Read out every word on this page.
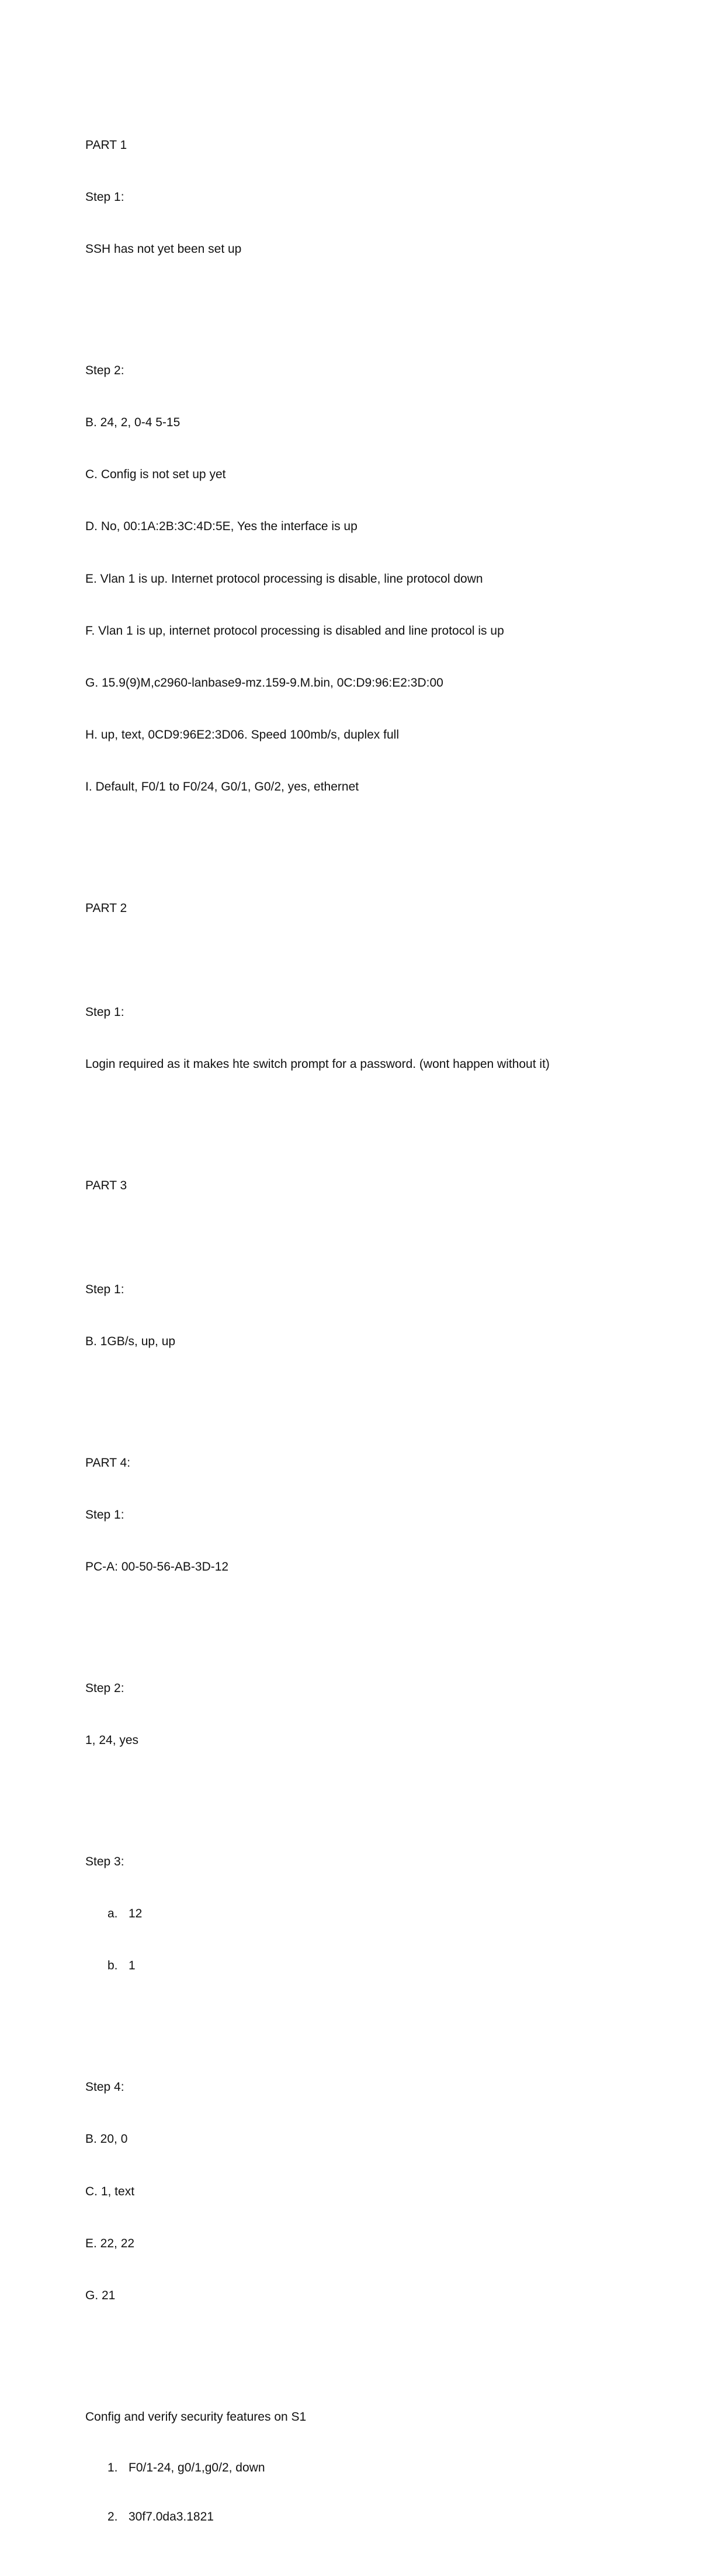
PART 1

Step 1:

SSH has not yet been set up

Step 2:

B. 24, 2, 0-4 5-15

C. Config is not set up yet

D. No, 00:1A:2B:3C:4D:5E, Yes the interface is up

E. Vlan 1 is up. Internet protocol processing is disable, line protocol down

F. Vlan 1 is up, internet protocol processing is disabled and line protocol is up

G. 15.9(9)M,c2960-lanbase9-mz.159-9.M.bin, 0C:D9:96:E2:3D:00

H. up, text, 0CD9:96E2:3D06. Speed 100mb/s, duplex full

I. Default, F0/1 to F0/24, G0/1, G0/2, yes, ethernet

PART 2

Step 1:

Login required as it makes hte switch prompt for a password. (wont happen without it)

PART 3

Step 1:

B. 1GB/s, up, up

PART 4:

Step 1:

PC-A: 00-50-56-AB-3D-12

Step 2:

1, 24, yes

Step 3:

a. 12

b. 1

Step 4:

B. 20, 0

C. 1, text

E. 22, 22

G. 21

Config and verify security features on S1

1. F0/1-24, g0/1,g0/2, down

2. 30f7.0da3.1821
